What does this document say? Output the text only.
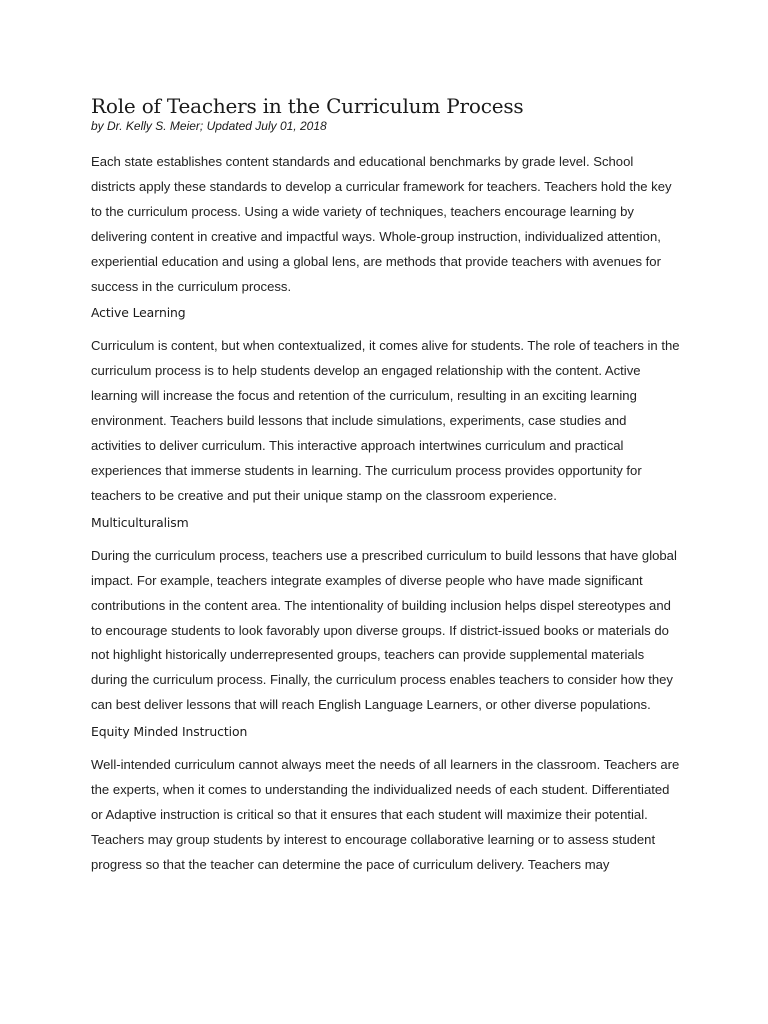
Role of Teachers in the Curriculum Process

by Dr. Kelly S. Meier; Updated July 01, 2018

Each state establishes content standards and educational benchmarks by grade level. School districts apply these standards to develop a curricular framework for teachers. Teachers hold the key to the curriculum process. Using a wide variety of techniques, teachers encourage learning by delivering content in creative and impactful ways. Whole-group instruction, individualized attention, experiential education and using a global lens, are methods that provide teachers with avenues for success in the curriculum process.

Active Learning

Curriculum is content, but when contextualized, it comes alive for students. The role of teachers in the curriculum process is to help students develop an engaged relationship with the content. Active learning will increase the focus and retention of the curriculum, resulting in an exciting learning environment. Teachers build lessons that include simulations, experiments, case studies and activities to deliver curriculum. This interactive approach intertwines curriculum and practical experiences that immerse students in learning. The curriculum process provides opportunity for teachers to be creative and put their unique stamp on the classroom experience.

Multiculturalism

During the curriculum process, teachers use a prescribed curriculum to build lessons that have global impact. For example, teachers integrate examples of diverse people who have made significant contributions in the content area. The intentionality of building inclusion helps dispel stereotypes and to encourage students to look favorably upon diverse groups. If district-issued books or materials do not highlight historically underrepresented groups, teachers can provide supplemental materials during the curriculum process. Finally, the curriculum process enables teachers to consider how they can best deliver lessons that will reach English Language Learners, or other diverse populations.

Equity Minded Instruction

Well-intended curriculum cannot always meet the needs of all learners in the classroom. Teachers are the experts, when it comes to understanding the individualized needs of each student. Differentiated or Adaptive instruction is critical so that it ensures that each student will maximize their potential. Teachers may group students by interest to encourage collaborative learning or to assess student progress so that the teacher can determine the pace of curriculum delivery. Teachers may
